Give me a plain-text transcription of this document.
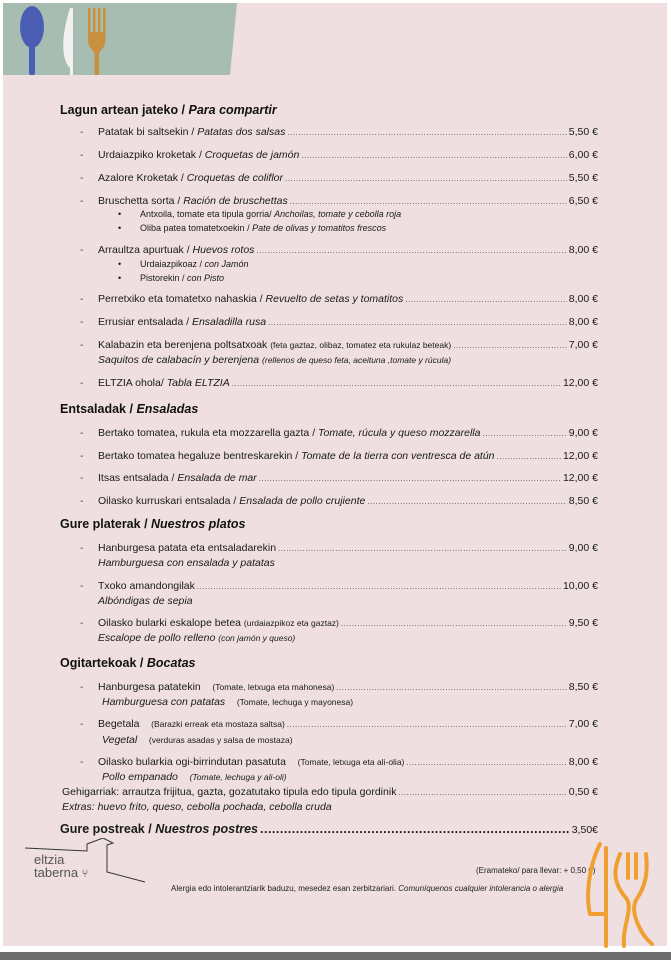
Lagun artean jateko / Para compartir
-	Patatak bi saltsekin / Patatas dos salsas .....	5,50 €
-	Urdaiazpiko kroketak / Croquetas de jamón .....	6,00 €
-	Azalore Kroketak / Croquetas de coliflor .....	5,50 €
-	Bruschetta sorta / Ración de bruschettas .....	6,50 €
• Antxoila, tomate eta tipula gorria/ Anchoilas, tomate y cebolla roja
• Oliba patea tomatetxoekin / Pate de olivas y tomatitos frescos
-	Arraultza apurtuak / Huevos rotos .....	8,00 €
• Urdaiazpikoaz / con Jamón
• Pistorekin / con Pisto
-	Perretxiko eta tomatetxo nahaskia / Revuelto de setas y tomatitos .....	8,00 €
-	Errusiar entsalada / Ensaladilla rusa .....	8,00 €
-	Kalabazin eta berenjena poltsatxoak (feta gaztaz, olibaz, tomatez eta rukulaz beteak) .....	7,00 €
Saquitos de calabacín y berenjena (rellenos de queso feta, aceituna ,tomate y rúcula)
-	ELTZIA ohola/ Tabla ELTZIA .....	12,00 €
Entsaladak / Ensaladas
-	Bertako tomatea, rukula eta mozzarella gazta / Tomate, rúcula y queso mozzarella .....	9,00 €
-	Bertako tomatea hegaluze bentreskarekin / Tomate de la tierra con ventresca de atún .....	12,00 €
-	Itsas entsalada / Ensalada de mar .....	12,00 €
-	Oilasko kurruskari entsalada / Ensalada de pollo crujiente .....	8,50 €
Gure platerak / Nuestros platos
-	Hanburgesa patata eta entsaladarekin .....	9,00 €
Hamburguesa con ensalada y patatas
-	Txoko amandongilak .....	10,00 €
Albóndigas de sepia
-	Oilasko bularki eskalope betea (urdaiazpikoz eta gaztaz) .....	9,50 €
Escalope de pollo relleno (con jamón y queso)
Ogitartekoak / Bocatas
-	Hanburgesa patatekin    (Tomate, letxuga eta mahonesa) .....	8,50 €
Hamburguesa con patatas    (Tomate, lechuga y mayonesa)
-	Begetala    (Barazki erreak eta mostaza saltsa) .....	7,00 €
Vegetal    (verduras asadas y salsa de mostaza)
-	Oilasko bularkia ogi-birrindutan pasatuta    (Tomate, letxuga eta ali-olia) .....	8,00 €
Pollo empanado    (Tomate, lechuga y ali-oli)
Gehigarriak: arrautza frijitua, gazta, gozatutako tipula edo tipula gordinik .....	0,50 €
Extras: huevo frito, queso, cebolla pochada, cebolla cruda
Gure postreak / Nuestros postres .....	3,50€
eltzia
taberna ⑂	(Eramateko/ para llevar: + 0,50 €)
Alergia edo intolerantziarik baduzu, mesedez esan zerbitzariari. Comuníquenos cualquier intolerancia o alergia
